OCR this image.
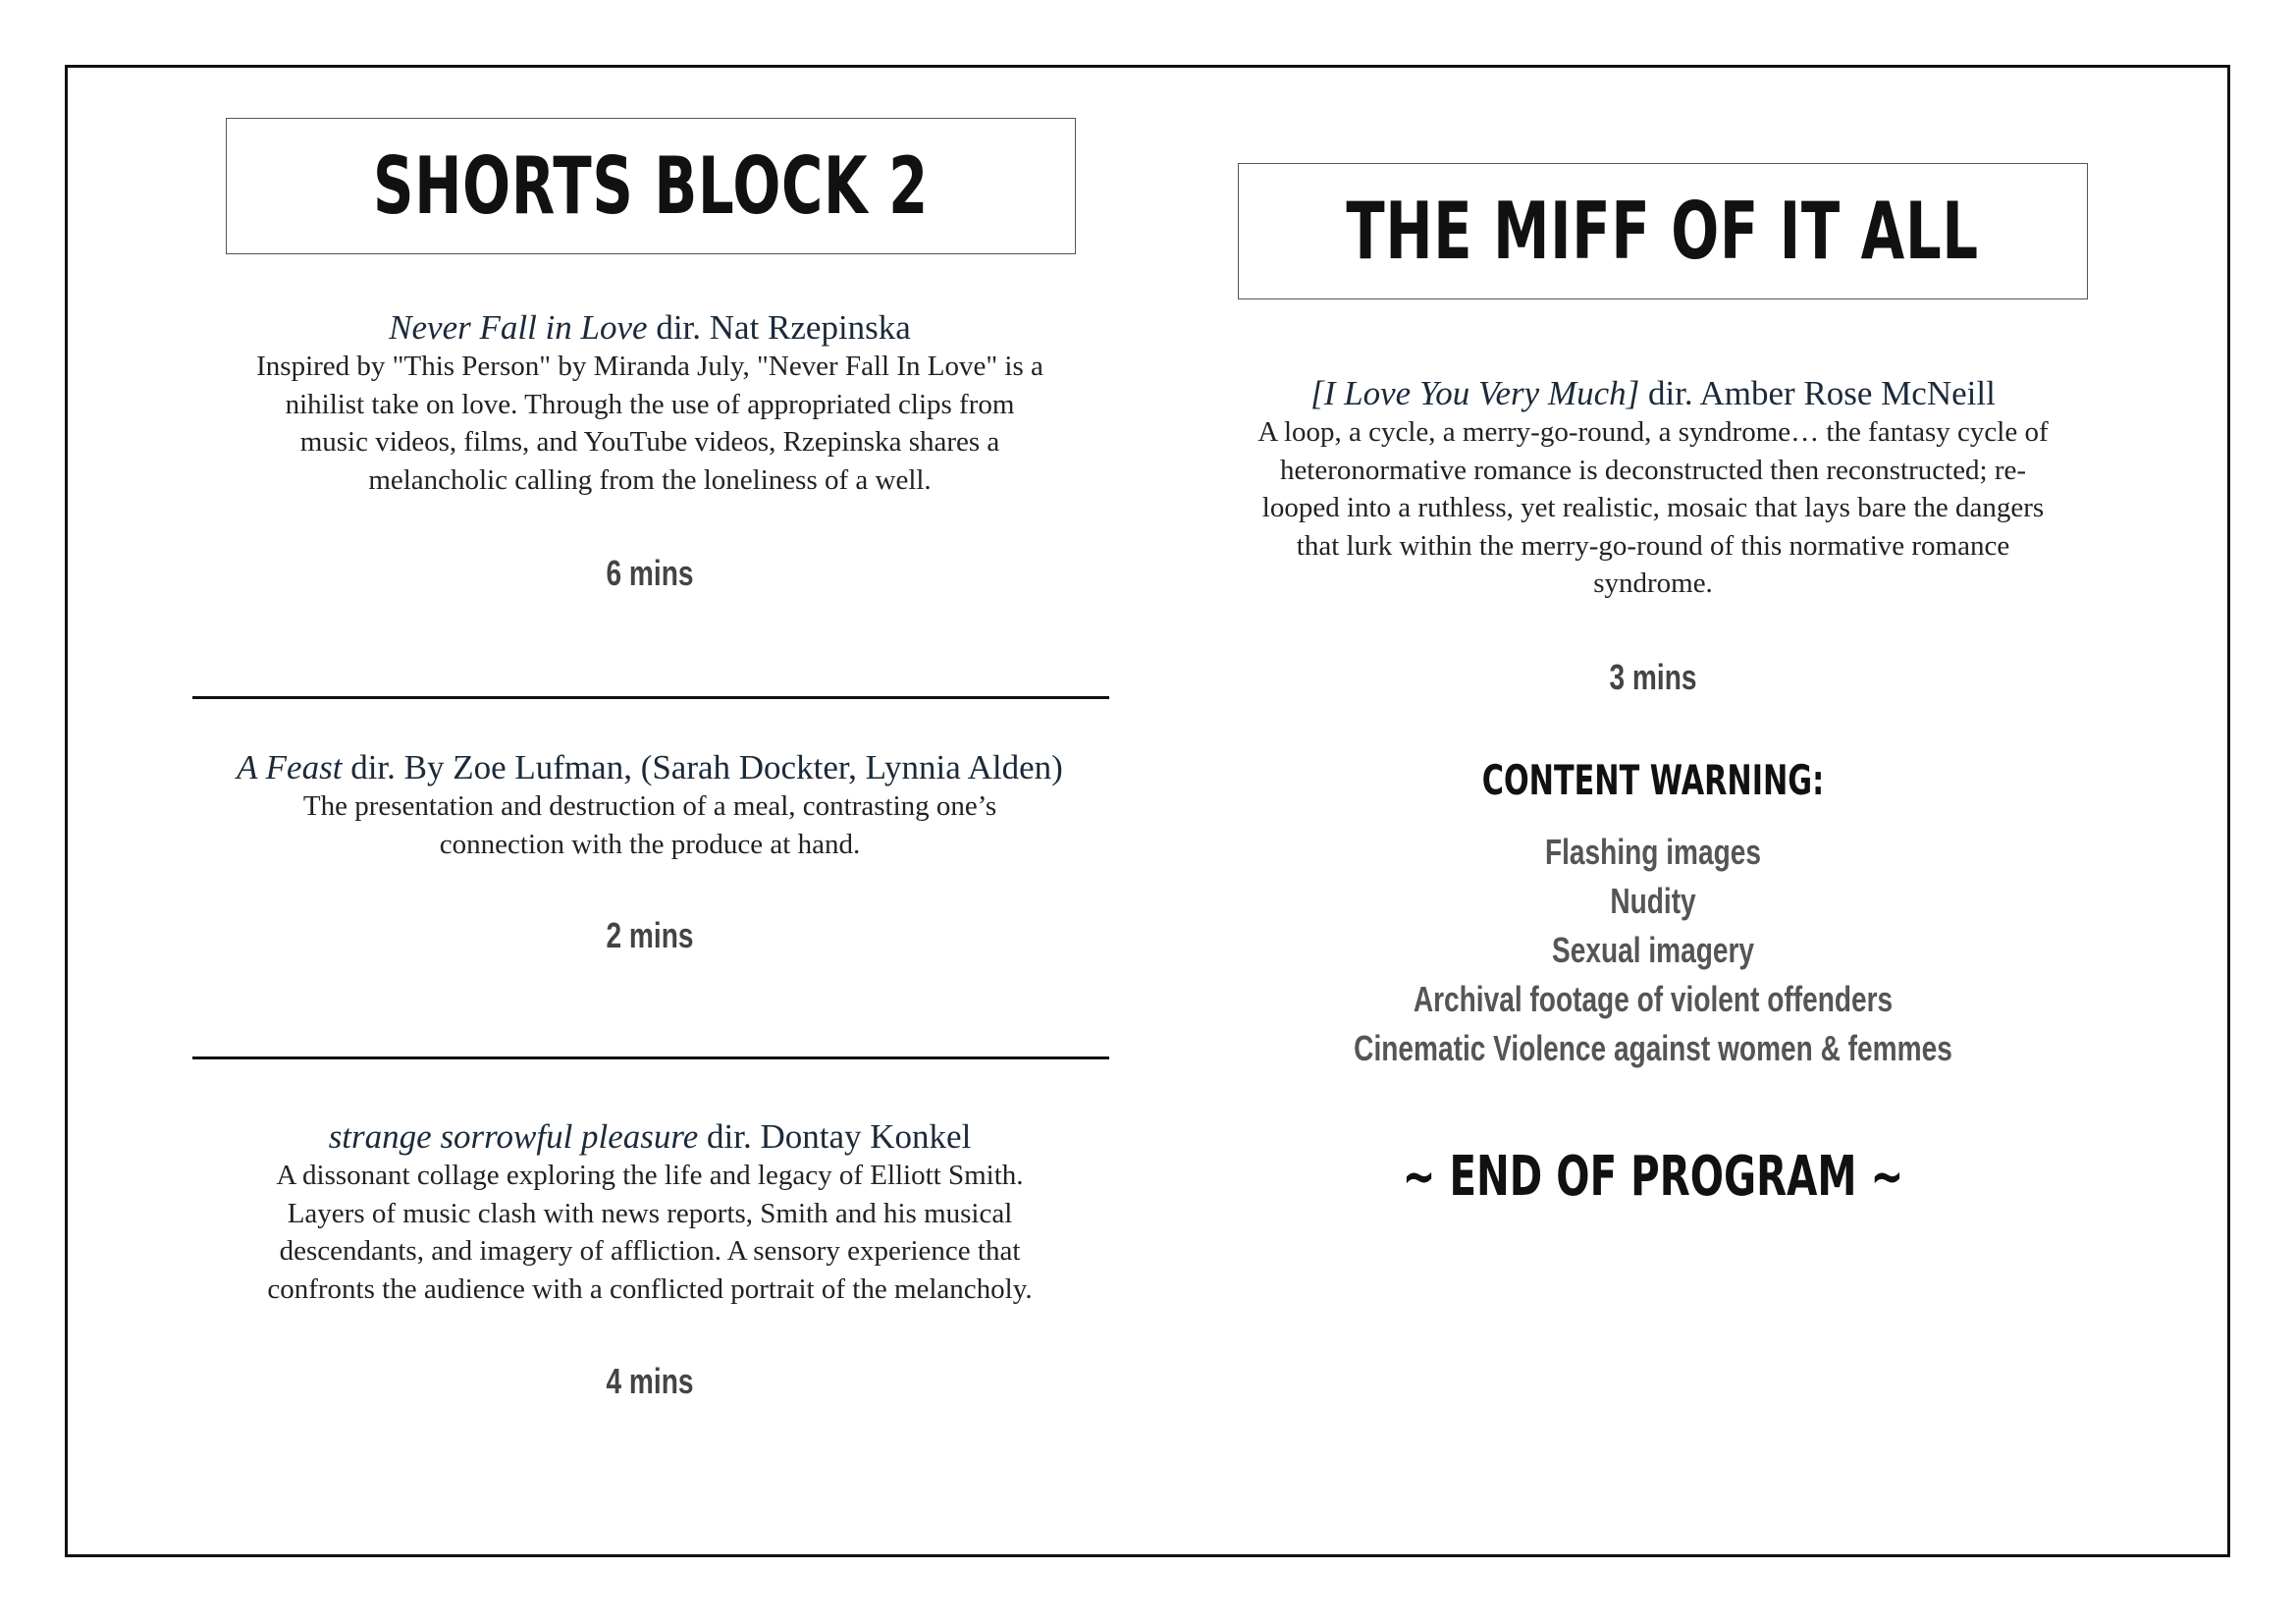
SHORTS BLOCK 2

Never Fall in Love dir. Nat Rzepinska

Inspired by "This Person" by Miranda July, "Never Fall In Love" is a
nihilist take on love. Through the use of appropriated clips from
music videos, films, and YouTube videos, Rzepinska shares a
melancholic calling from the loneliness of a well.

6 mins

A Feast dir. By Zoe Lufman, (Sarah Dockter, Lynnia Alden)

The presentation and destruction of a meal, contrasting one’s
connection with the produce at hand.

2 mins

strange sorrowful pleasure dir. Dontay Konkel

A dissonant collage exploring the life and legacy of Elliott Smith.
Layers of music clash with news reports, Smith and his musical
descendants, and imagery of affliction. A sensory experience that
confronts the audience with a conflicted portrait of the melancholy.

4 mins
THE MIFF OF IT ALL

[I Love You Very Much] dir. Amber Rose McNeill

A loop, a cycle, a merry-go-round, a syndrome… the fantasy cycle of
heteronormative romance is deconstructed then reconstructed; re-
looped into a ruthless, yet realistic, mosaic that lays bare the dangers
that lurk within the merry-go-round of this normative romance
syndrome.

3 mins
CONTENT WARNING:
Flashing images
Nudity
Sexual imagery
Archival footage of violent offenders
Cinematic Violence against women & femmes
~ END OF PROGRAM ~
